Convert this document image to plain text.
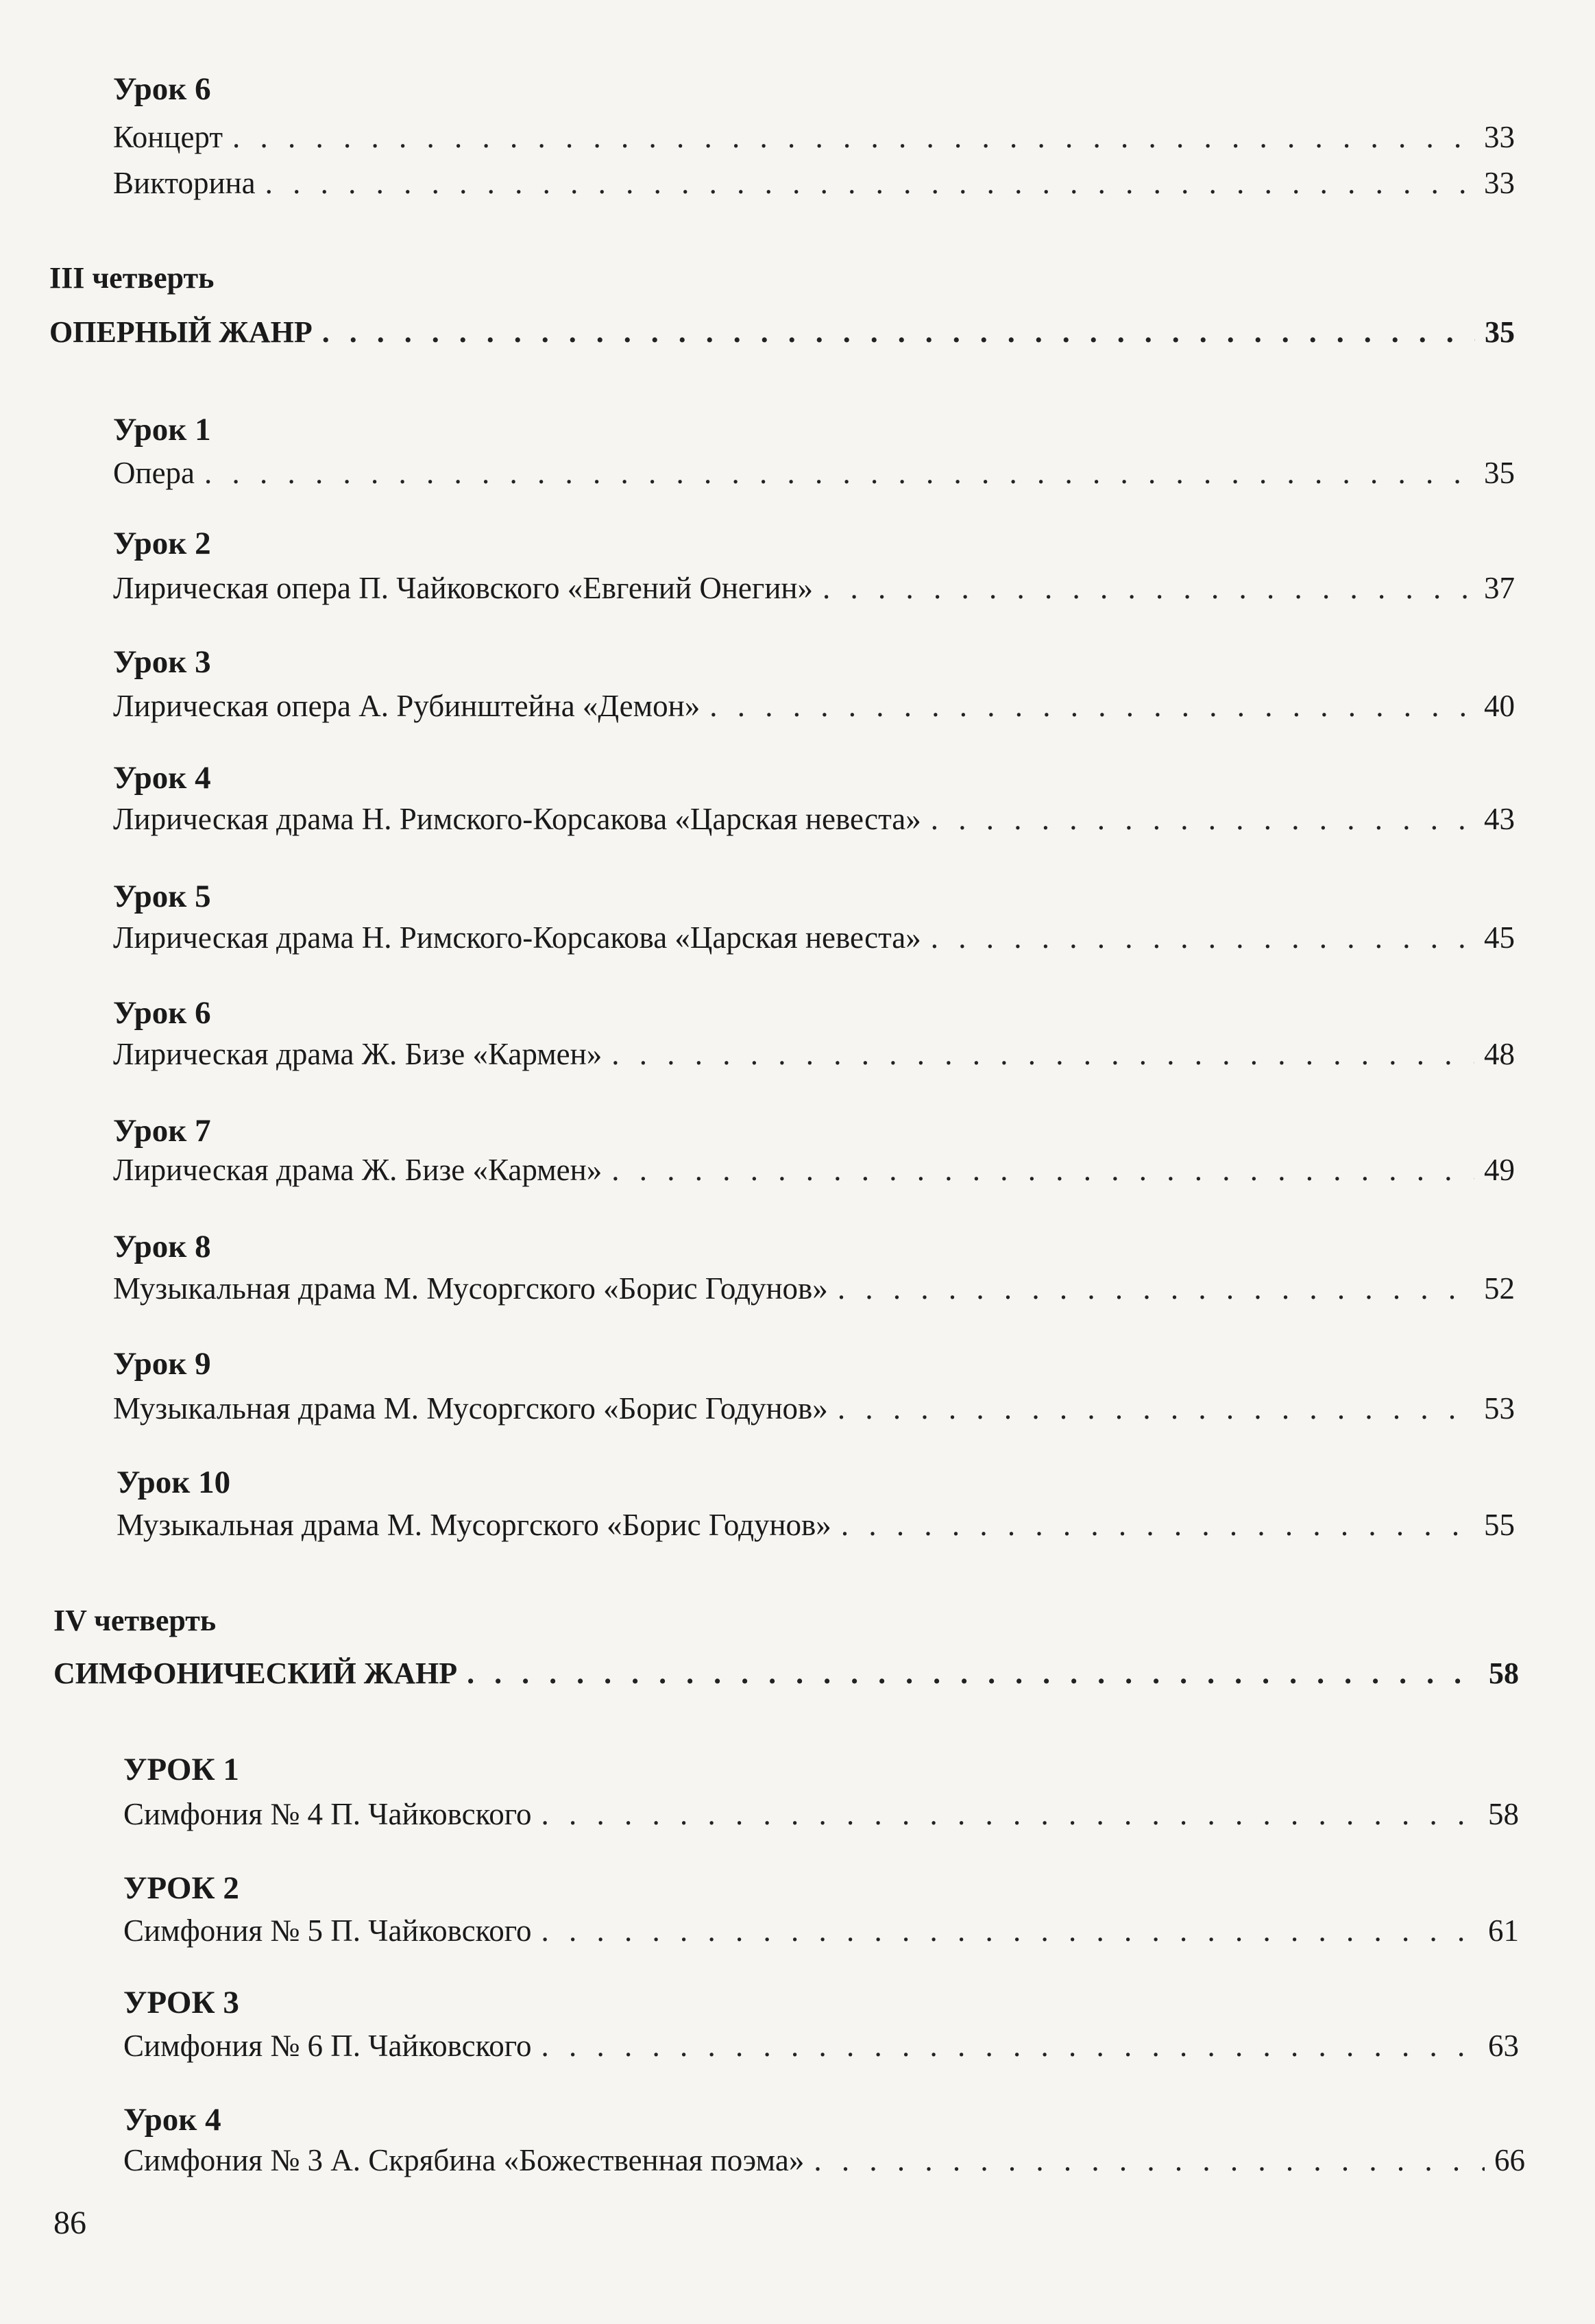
Урок 6
Концерт . . .	33
Викторина . . .	33
III четверть
ОПЕРНЫЙ ЖАНР . . .	35
Урок 1
Опера . . .	35
Урок 2
Лирическая опера П. Чайковского «Евгений Онегин» . . .	37
Урок 3
Лирическая опера А. Рубинштейна «Демон» . . .	40
Урок 4
Лирическая драма Н. Римского-Корсакова «Царская невеста» . . .	43
Урок 5
Лирическая драма Н. Римского-Корсакова «Царская невеста» . . .	45
Урок 6
Лирическая драма Ж. Бизе «Кармен» . . .	48
Урок 7
Лирическая драма Ж. Бизе «Кармен» . . .	49
Урок 8
Музыкальная драма М. Мусоргского «Борис Годунов» . . .	52
Урок 9
Музыкальная драма М. Мусоргского «Борис Годунов» . . .	53
Урок 10
Музыкальная драма М. Мусоргского «Борис Годунов» . . .	55
IV четверть
СИМФОНИЧЕСКИЙ ЖАНР . . .	58
УРОК 1
Симфония № 4 П. Чайковского . . .	58
УРОК 2
Симфония № 5 П. Чайковского . . .	61
УРОК 3
Симфония № 6 П. Чайковского . . .	63
Урок 4
Симфония № 3 А. Скрябина «Божественная поэма» . . .	66
86
